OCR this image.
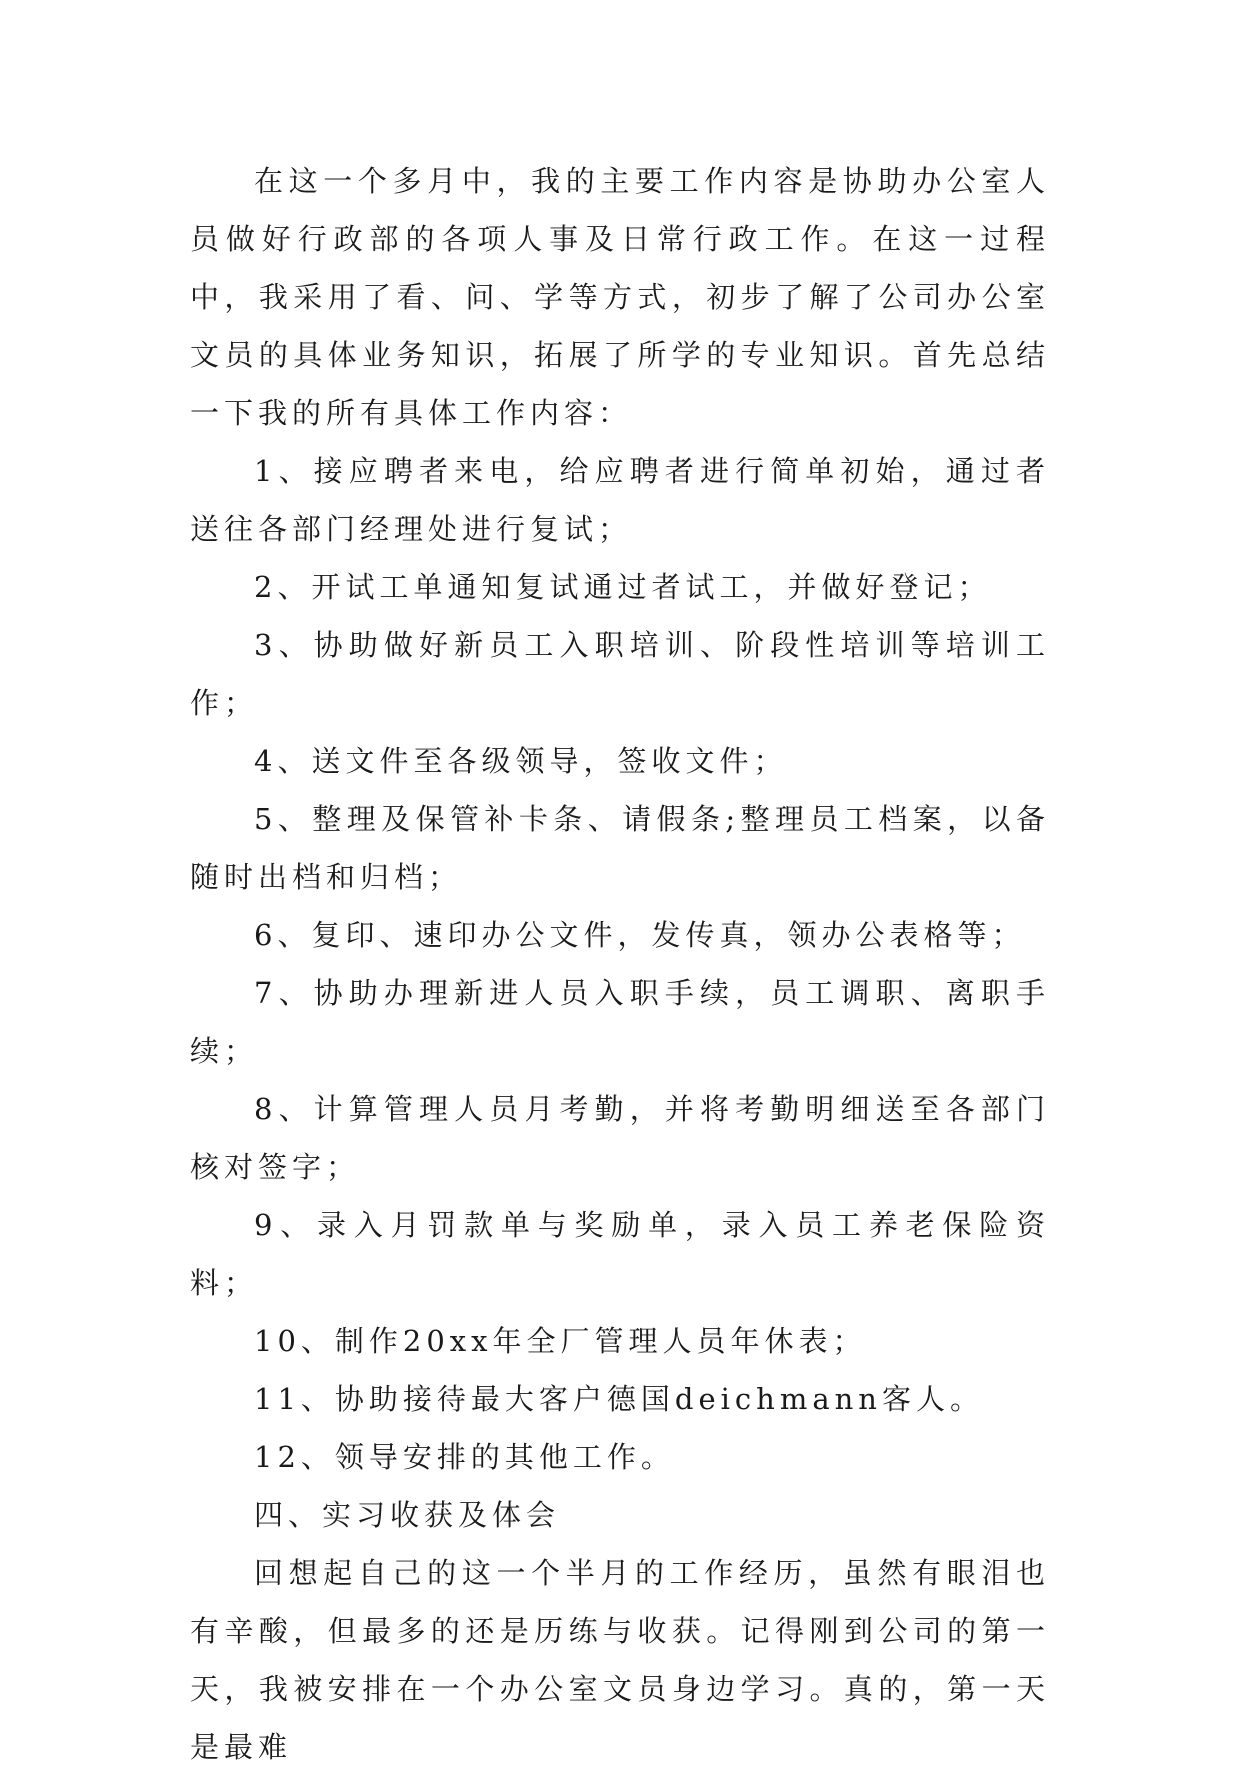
在这一个多月中，我的主要工作内容是协助办公室人员做好行政部的各项人事及日常行政工作。在这一过程中，我采用了看、问、学等方式，初步了解了公司办公室文员的具体业务知识，拓展了所学的专业知识。首先总结一下我的所有具体工作内容：

1、接应聘者来电，给应聘者进行简单初始，通过者送往各部门经理处进行复试；

2、开试工单通知复试通过者试工，并做好登记；

3、协助做好新员工入职培训、阶段性培训等培训工作；

4、送文件至各级领导，签收文件；

5、整理及保管补卡条、请假条;整理员工档案，以备随时出档和归档；

6、复印、速印办公文件，发传真，领办公表格等；

7、协助办理新进人员入职手续，员工调职、离职手续；

8、计算管理人员月考勤，并将考勤明细送至各部门核对签字；

9、录入月罚款单与奖励单，录入员工养老保险资料；

10、制作20xx年全厂管理人员年休表；

11、协助接待最大客户德国deichmann客人。

12、领导安排的其他工作。

四、实习收获及体会

回想起自己的这一个半月的工作经历，虽然有眼泪也有辛酸，但最多的还是历练与收获。记得刚到公司的第一天，我被安排在一个办公室文员身边学习。真的，第一天是最难
